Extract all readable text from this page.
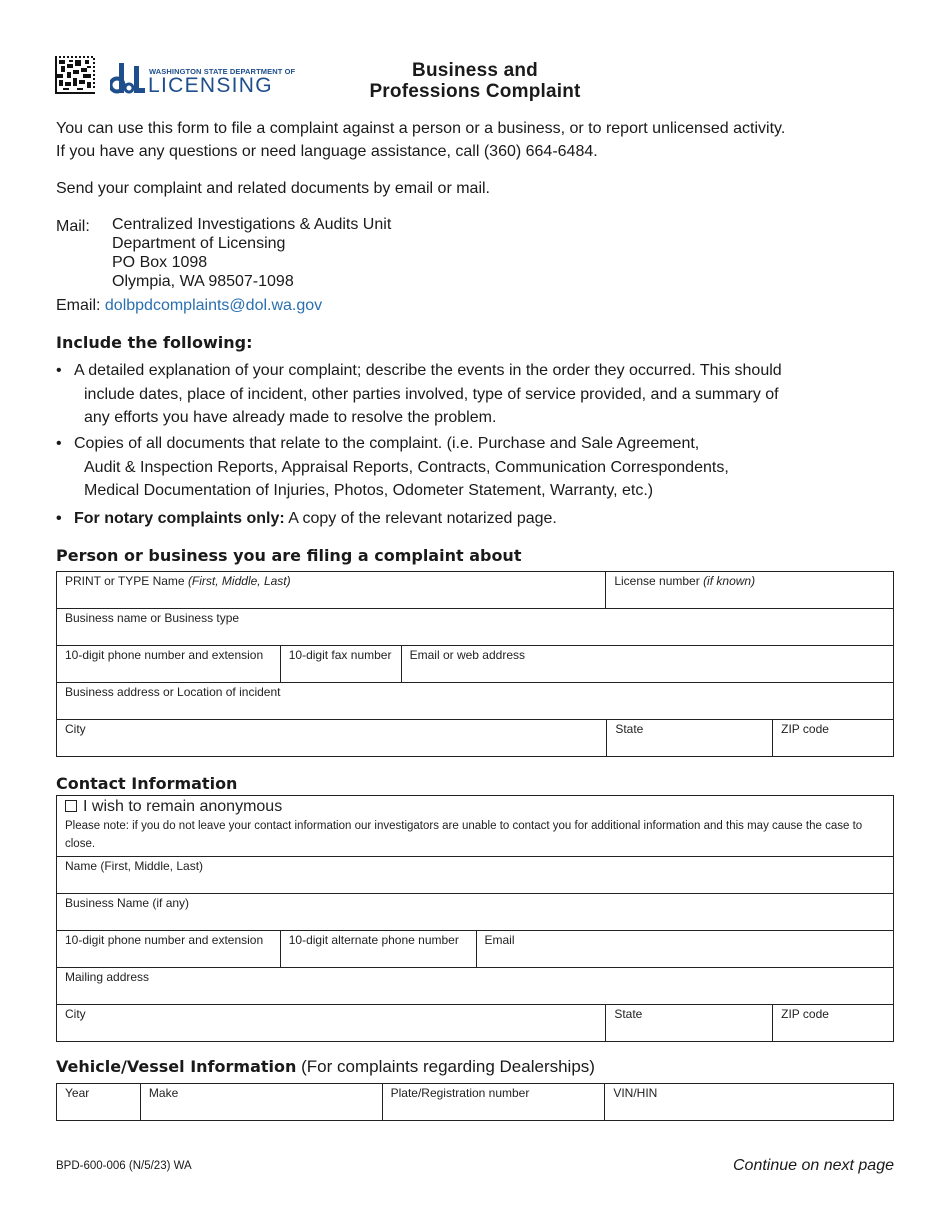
WASHINGTON STATE DEPARTMENT OF
LICENSING
Business and
Professions Complaint
You can use this form to file a complaint against a person or a business, or to report unlicensed activity.
If you have any questions or need language assistance, call (360) 664-6484.
Send your complaint and related documents by email or mail.
Mail: Centralized Investigations & Audits Unit
Department of Licensing
PO Box 1098
Olympia, WA 98507-1098
Email: dolbpdcomplaints@dol.wa.gov
Include the following:
• A detailed explanation of your complaint; describe the events in the order they occurred. This should
include dates, place of incident, other parties involved, type of service provided, and a summary of
any efforts you have already made to resolve the problem.
• Copies of all documents that relate to the complaint. (i.e. Purchase and Sale Agreement,
Audit & Inspection Reports, Appraisal Reports, Contracts, Communication Correspondents,
Medical Documentation of Injuries, Photos, Odometer Statement, Warranty, etc.)
• For notary complaints only: A copy of the relevant notarized page.
Person or business you are filing a complaint about
PRINT or TYPE Name (First, Middle, Last)	License number (if known)
Business name or Business type
10-digit phone number and extension	10-digit fax number	Email or web address
Business address or Location of incident
City	State	ZIP code
Contact Information
I wish to remain anonymous
Please note: if you do not leave your contact information our investigators are unable to contact you for additional information and this may cause the case to close.
Name (First, Middle, Last)
Business Name (if any)
10-digit phone number and extension	10-digit alternate phone number	Email
Mailing address
City	State	ZIP code
Vehicle/Vessel Information (For complaints regarding Dealerships)
Year	Make	Plate/Registration number	VIN/HIN
BPD-600-006 (N/5/23) WA	Continue on next page
